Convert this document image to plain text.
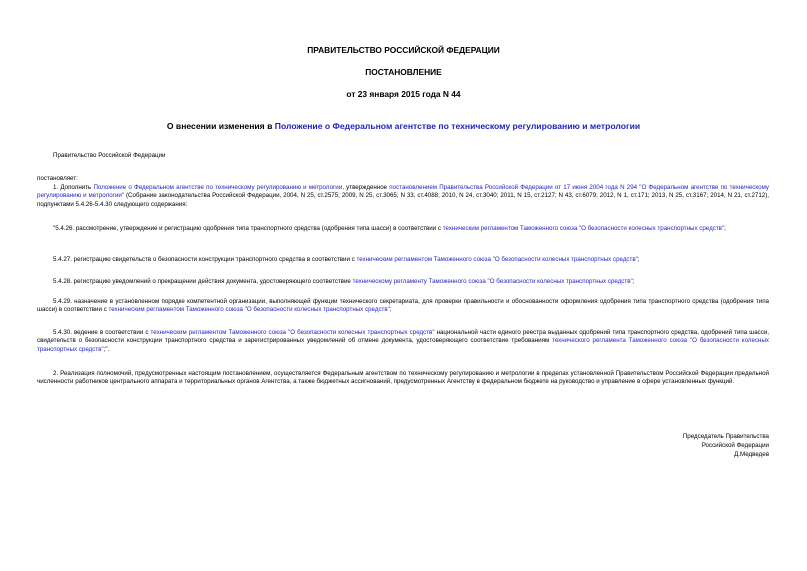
ПРАВИТЕЛЬСТВО РОССИЙСКОЙ ФЕДЕРАЦИИ
ПОСТАНОВЛЕНИЕ
от 23 января 2015 года N 44
О внесении изменения в Положение о Федеральном агентстве по техническому регулированию и метрологии
Правительство Российской Федерации
постановляет:
1. Дополнить Положение о Федеральном агентстве по техническому регулированию и метрологии, утвержденное постановлением Правительства Российской Федерации от 17 июня 2004 года N 294 "О Федеральном агентстве по техническому регулированию и метрологии" (Собрание законодательства Российской Федерации, 2004, N 25, ст.2575; 2009, N 25, ст.3065; N 33, ст.4088; 2010, N 24, ст.3040; 2011, N 15, ст.2127; N 43, ст.6079; 2012, N 1, ст.171; 2013, N 25, ст.3167; 2014, N 21, ст.2712), подпунктами 5.4.26-5.4.30 следующего содержания:
"5.4.26. рассмотрение, утверждение и регистрацию одобрения типа транспортного средства (одобрения типа шасси) в соответствии с техническим регламентом Таможенного союза "О безопасности колесных транспортных средств";
5.4.27. регистрацию свидетельств о безопасности конструкции транспортного средства в соответствии с техническим регламентом Таможенного союза "О безопасности колесных транспортных средств";
5.4.28. регистрацию уведомлений о прекращении действия документа, удостоверяющего соответствие техническому регламенту Таможенного союза "О безопасности колесных транспортных средств";
5.4.29. назначение в установленном порядке компетентной организации, выполняющей функции технического секретариата, для проверки правильности и обоснованности оформления одобрения типа транспортного средства (одобрения типа шасси) в соответствии с техническим регламентом Таможенного союза "О безопасности колесных транспортных средств";
5.4.30. ведение в соответствии с техническим регламентом Таможенного союза "О безопасности колесных транспортных средств" национальной части единого реестра выданных одобрений типа транспортного средства, одобрений типа шасси, свидетельств о безопасности конструкции транспортного средства и зарегистрированных уведомлений об отмене документа, удостоверяющего соответствие требованиям технического регламента Таможенного союза "О безопасности колесных транспортных средств";".
2. Реализация полномочий, предусмотренных настоящим постановлением, осуществляется Федеральным агентством по техническому регулированию и метрологии в пределах установленной Правительством Российской Федерации предельной численности работников центрального аппарата и территориальных органов Агентства, а также бюджетных ассигнований, предусмотренных Агентству в федеральном бюджете на руководство и управление в сфере установленных функций.
Председатель Правительства
Российской Федерации
Д.Медведев
